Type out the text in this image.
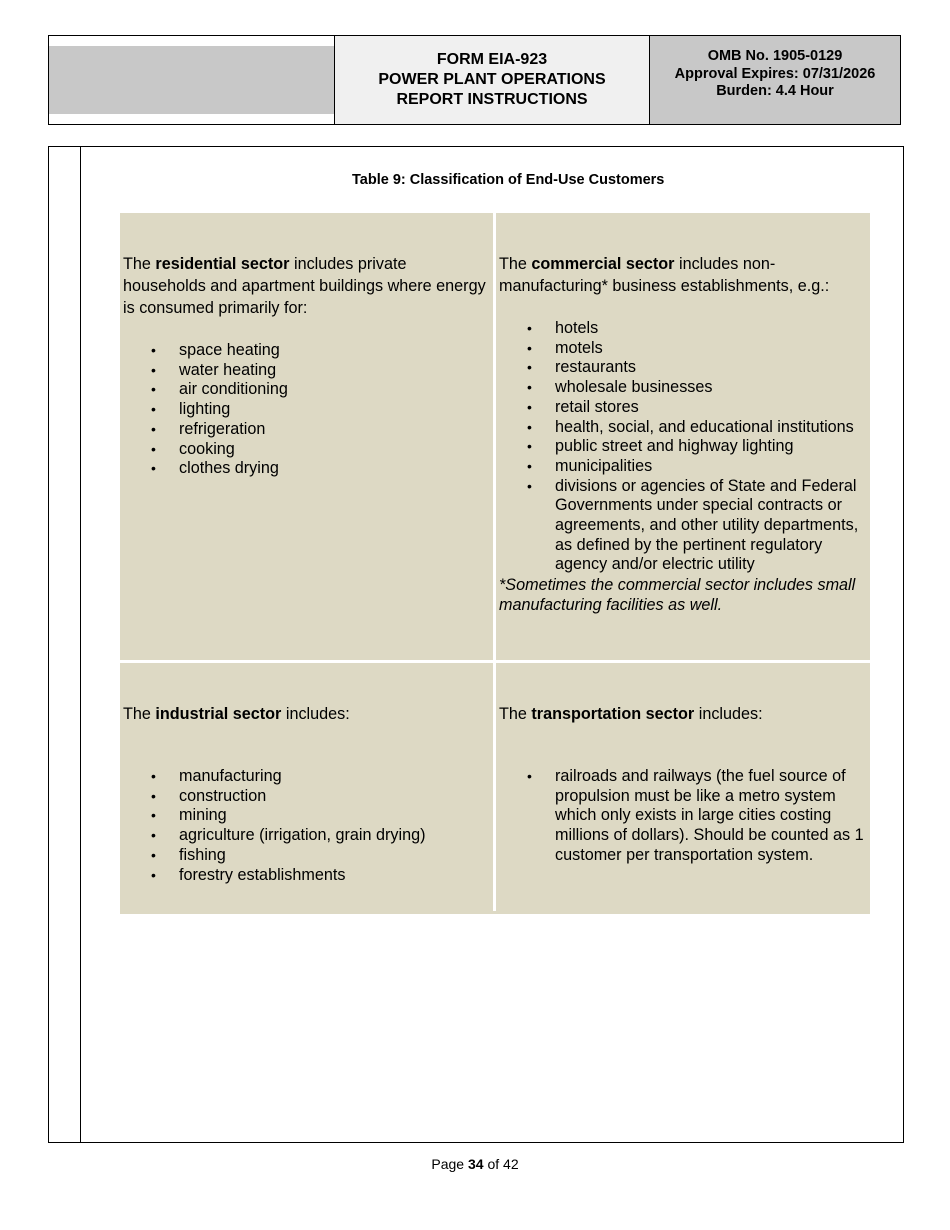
FORM EIA-923
POWER PLANT OPERATIONS
REPORT INSTRUCTIONS
OMB No. 1905-0129
Approval Expires: 07/31/2026
Burden: 4.4 Hour
Table 9: Classification of End-Use Customers

The residential sector includes private households and apartment buildings where energy is consumed primarily for:

• space heating
• water heating
• air conditioning
• lighting
• refrigeration
• cooking
• clothes drying

The commercial sector includes non-manufacturing* business establishments, e.g.:

• hotels
• motels
• restaurants
• wholesale businesses
• retail stores
• health, social, and educational institutions
• public street and highway lighting
• municipalities
• divisions or agencies of State and Federal Governments under special contracts or agreements, and other utility departments, as defined by the pertinent regulatory agency and/or electric utility

*Sometimes the commercial sector includes small manufacturing facilities as well.

The industrial sector includes:

• manufacturing
• construction
• mining
• agriculture (irrigation, grain drying)
• fishing
• forestry establishments

The transportation sector includes:

• railroads and railways (the fuel source of propulsion must be like a metro system which only exists in large cities costing millions of dollars). Should be counted as 1 customer per transportation system.
Page 34 of 42
